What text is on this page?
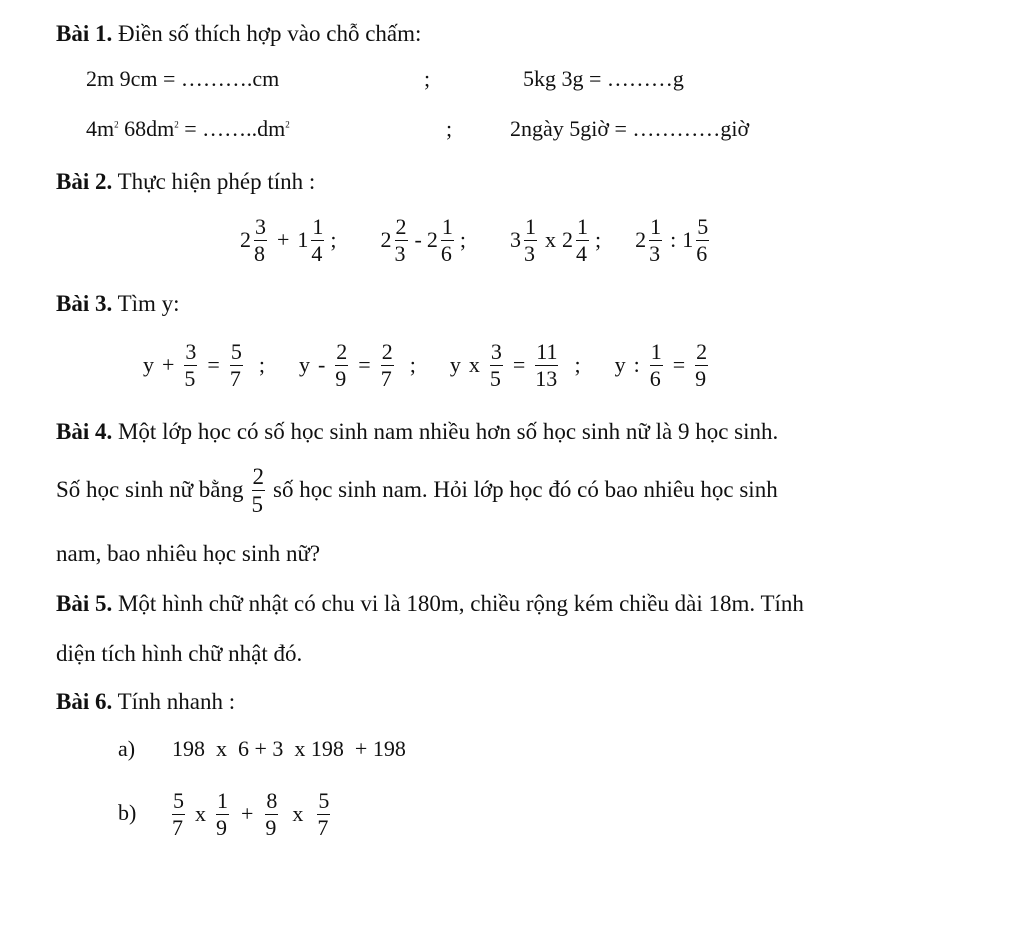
Bài 1. Điền số thích hợp vào chỗ chấm:
2m 9cm = ……….cm	;	5kg 3g = ………g
$4m^2$ $68dm^2$ = $\dots\dots..dm^2$	;	2ngày 5giờ = …………giờ
Bài 2. Thực hiện phép tính :
$2 \frac{3}{8} + 1 \frac{1}{4}$ ; $2 \frac{2}{3} - 2 \frac{1}{6}$ ; $3 \frac{1}{3}$ x $2 \frac{1}{4}$ ; $2 \frac{1}{3}$ : $1 \frac{5}{6}$
Bài 3. Tìm y:
$y + \frac{3}{5} = \frac{5}{7}$ ; $y - \frac{2}{9} = \frac{2}{7}$ ; y x $\frac{3}{5} = \frac{11}{13}$ ; y : $\frac{1}{6} = \frac{2}{9}$
Bài 4. Một lớp học có số học sinh nam nhiều hơn số học sinh nữ là 9 học sinh.
Số học sinh nữ bằng $\frac{2}{5}$ số học sinh nam. Hỏi lớp học đó có bao nhiêu học sinh
nam, bao nhiêu học sinh nữ?
Bài 5. Một hình chữ nhật có chu vi là 180m, chiều rộng kém chiều dài 18m. Tính
diện tích hình chữ nhật đó.
Bài 6. Tính nhanh :
a) 198  x  6 + 3  x 198  + 198
$b) \frac{5}{7}$ x $\frac{1}{9} + \frac{8}{9}$ x $\frac{5}{7}$
